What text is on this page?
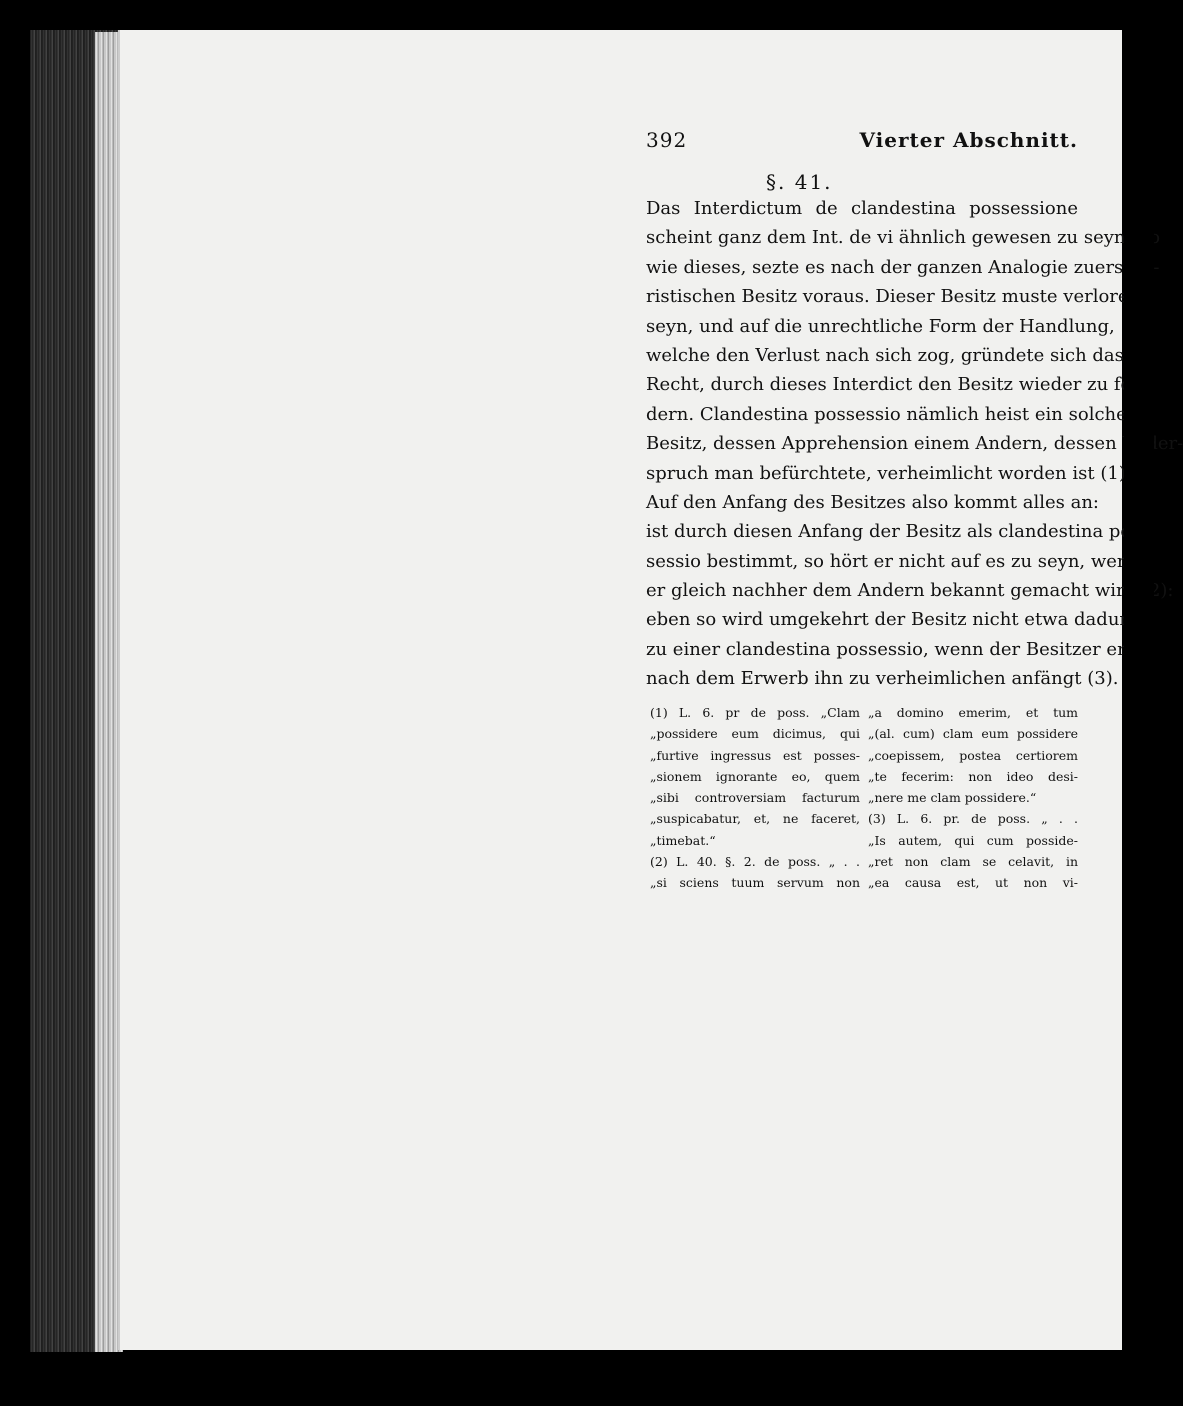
392	Vierter Abschnitt.
§. 41.
Das Interdictum de clandestina possessione
scheint ganz dem Int. de vi ähnlich gewesen zu seyn. So
wie dieses, sezte es nach der ganzen Analogie zuerst ju-
ristischen Besitz voraus. Dieser Besitz muste verloren
seyn, und auf die unrechtliche Form der Handlung,
welche den Verlust nach sich zog, gründete sich das
Recht, durch dieses Interdict den Besitz wieder zu for-
dern. Clandestina possessio nämlich heist ein solcher
Besitz, dessen Apprehension einem Andern, dessen Wider-
spruch man befürchtete, verheimlicht worden ist (1).
Auf den Anfang des Besitzes also kommt alles an:
ist durch diesen Anfang der Besitz als clandestina pos-
sessio bestimmt, so hört er nicht auf es zu seyn, wenn
er gleich nachher dem Andern bekannt gemacht wird (2):
eben so wird umgekehrt der Besitz nicht etwa dadurch
zu einer clandestina possessio, wenn der Besitzer erst
nach dem Erwerb ihn zu verheimlichen anfängt (3).
(1) L. 6. pr de poss. „Clam
„possidere eum dicimus, qui
„furtive ingressus est posses-
„sionem ignorante eo, quem
„sibi controversiam facturum
„suspicabatur, et, ne faceret,
„timebat.“
(2) L. 40. §. 2. de poss. „ . .
„si sciens tuum servum non
„a domino emerim, et tum
„(al. cum) clam eum possidere
„coepissem, postea certiorem
„te fecerim: non ideo desi-
„nere me clam possidere.“
(3) L. 6. pr. de poss. „ . .
„Is autem, qui cum posside-
„ret non clam se celavit, in
„ea causa est, ut non vi-
